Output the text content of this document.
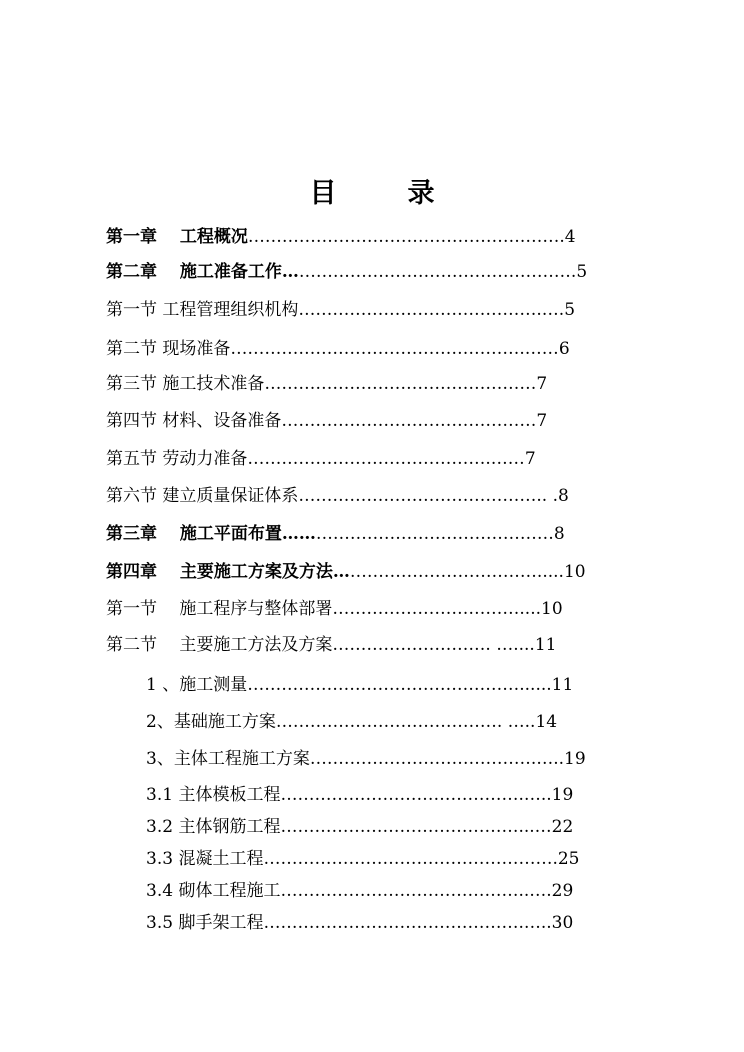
目　录
第一章　 工程概况………………………………………….…….4
第二章　 施工准备工作…………………………………………….5
第一节 工程管理组织机构…………………………………….….5
第二节 现场准备…………………………………………….……6
第三节 施工技术准备…………………………………………7
第四节 材料、设备准备………………………………………7
第五节 劳动力准备…………………………………….……7
第六节 建立质量保证体系…………………………………….. .8
第三章　 施工平面布置…………………………………………8
第四章　 主要施工方案及方法……………………………….....10
第一节　 施工程序与整体部署……………………………....10
第二节　 主要施工方法及方案………………………. …....11
1 、施工测量…………………………………………......11
2、基础施工方案…………………………………. …..14
3、主体工程施工方案………………………………….…..19
3.1 主体模板工程…………………………………….…..19
3.2 主体钢筋工程……………………………………...…22
3.3 混凝土工程…………………………………………….25
3.4 砌体工程施工……………………………………..….29
3.5 脚手架工程……………………………………….…..30
